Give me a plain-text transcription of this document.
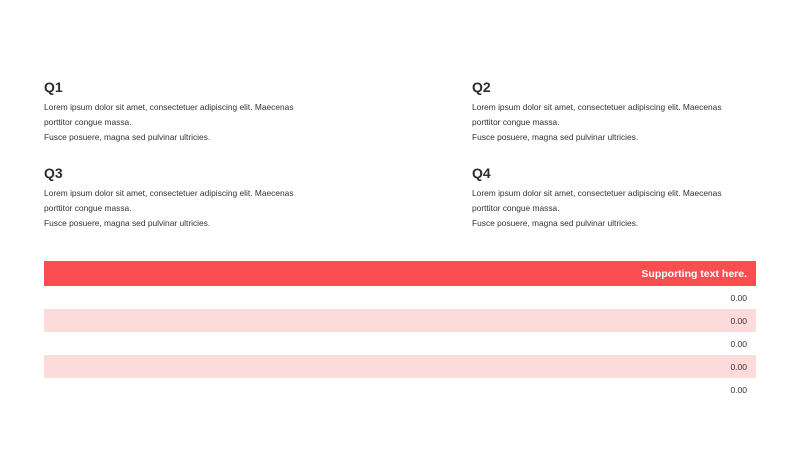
Q1

Lorem ipsum dolor sit amet, consectetuer adipiscing elit. Maecenas

porttitor congue massa.

Fusce posuere, magna sed pulvinar ultricies.

Q2

Lorem ipsum dolor sit amet, consectetuer adipiscing elit. Maecenas

porttitor congue massa.

Fusce posuere, magna sed pulvinar ultricies.

Q3

Lorem ipsum dolor sit amet, consectetuer adipiscing elit. Maecenas

porttitor congue massa.

Fusce posuere, magna sed pulvinar ultricies.

Q4

Lorem ipsum dolor sit amet, consectetuer adipiscing elit. Maecenas

porttitor congue massa.

Fusce posuere, magna sed pulvinar ultricies.

Supporting text here.
0.00
0.00
0.00
0.00
0.00
